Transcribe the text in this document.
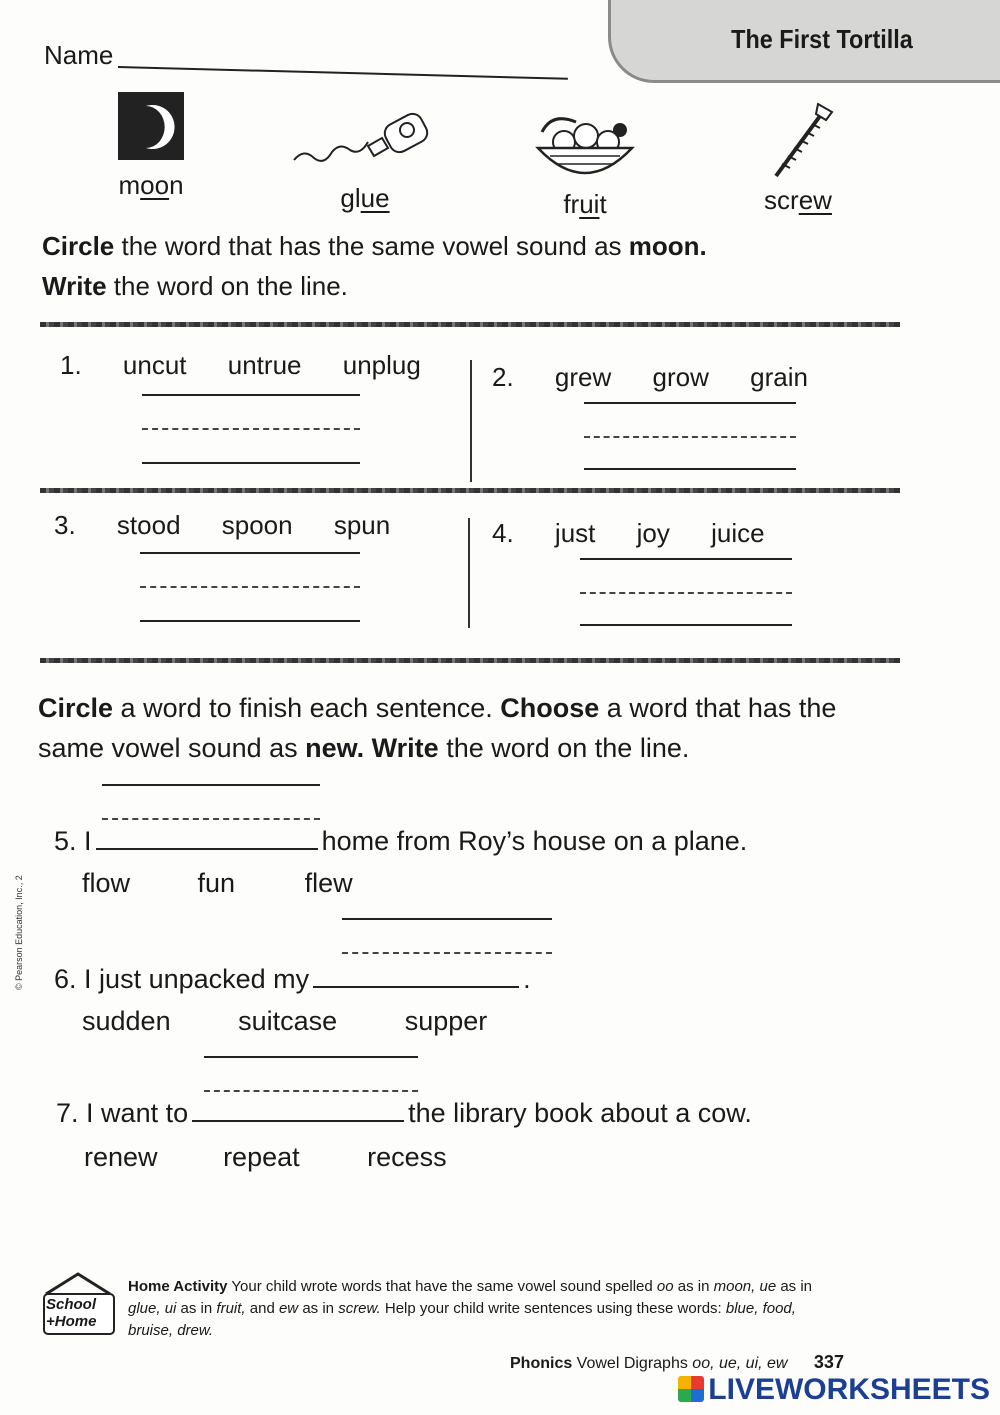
The First Tortilla
Name
moon	glue	fruit	screw
Circle the word that has the same vowel sound as moon.
Write the word on the line.
1. uncut untrue unplug	2. grew grow grain
3. stood spoon spun	4. just joy juice
Circle a word to finish each sentence. Choose a word that has the
same vowel sound as new. Write the word on the line.
5. I	home from Roy’s house on a plane.
flow	fun	flew
6. I just unpacked my	.
sudden	suitcase	supper
7. I want to	the library book about a cow.
renew repeat	recess
© Pearson Education, Inc., 2
School
+Home
Home Activity Your child wrote words that have the same vowel sound spelled oo as in moon, ue as in
glue, ui as in fruit, and ew as in screw. Help your child write sentences using these words: blue, food,
bruise, drew.
Phonics Vowel Digraphs oo, ue, ui, ew 337
LIVEWORKSHEETS
